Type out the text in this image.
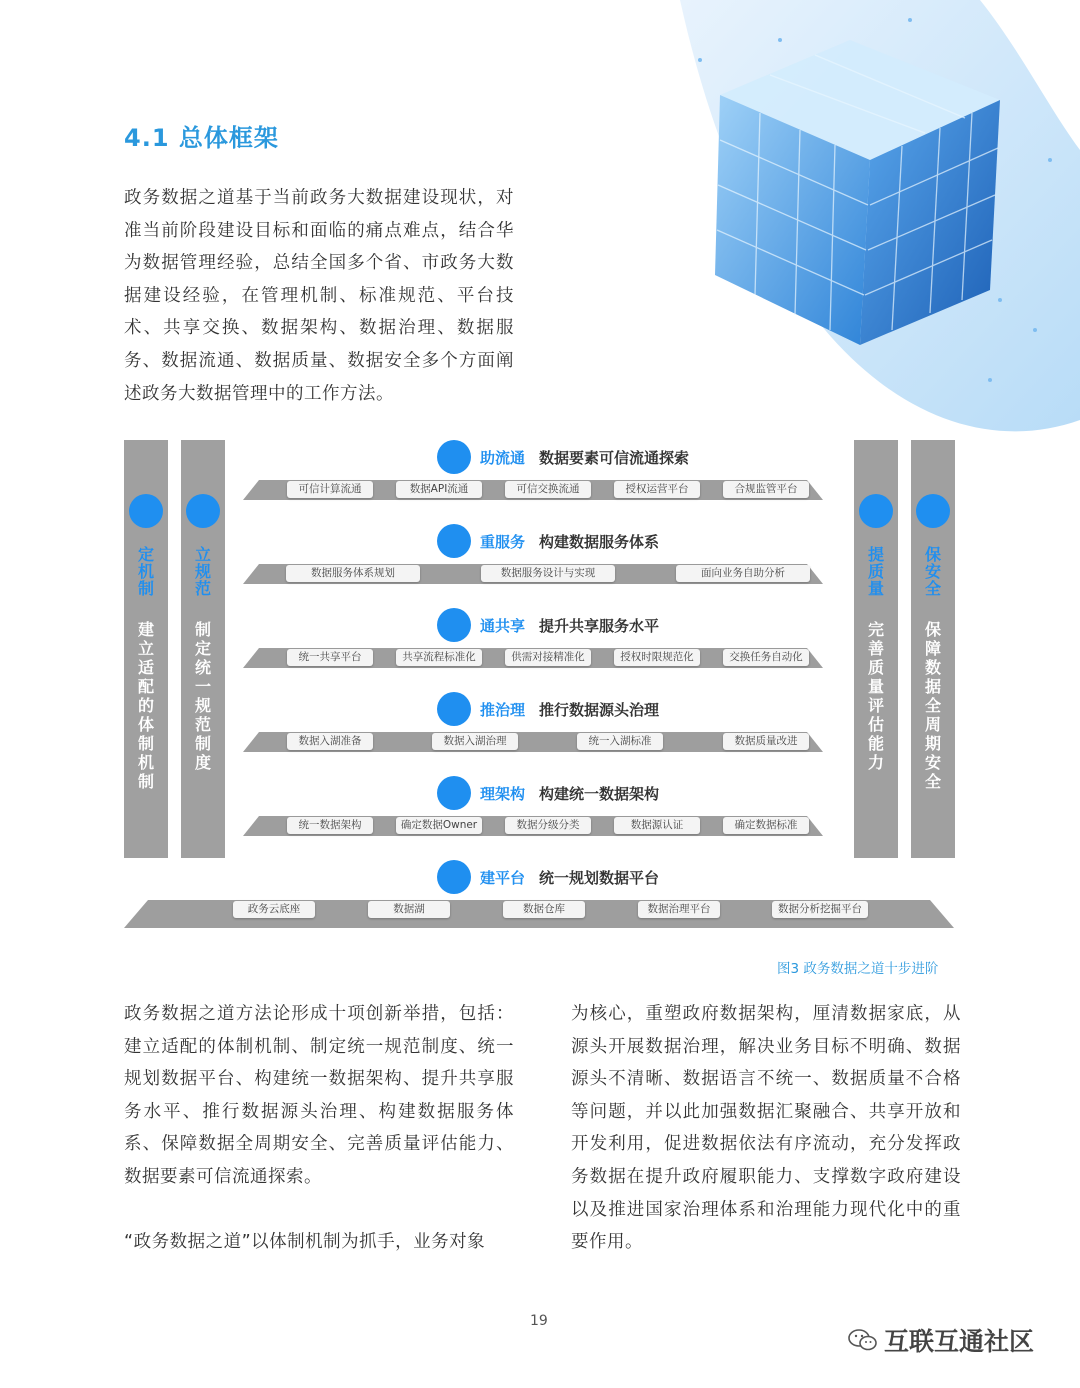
4.1 总体框架
政务数据之道基于当前政务大数据建设现状，对准当前阶段建设目标和面临的痛点难点，结合华为数据管理经验，总结全国多个省、市政务大数据建设经验，在管理机制、标准规范、平台技术、共享交换、数据架构、数据治理、数据服务、数据流通、数据质量、数据安全多个方面阐述政务大数据管理中的工作方法。
定
机
制
建
立
适
配
的
体
制
机
制
立
规
范
制
定
统
一
规
范
制
度
提
质
量
完
善
质
量
评
估
能
力
保
安
全
保
障
数
据
全
周
期
安
全
助流通 数据要素可信流通探索
可信计算流通	数据API流通	可信交换流通	授权运营平台	合规监管平台
重服务 构建数据服务体系
数据服务体系规划	数据服务设计与实现	面向业务自助分析
通共享 提升共享服务水平
统一共享平台	共享流程标准化	供需对接精准化	授权时限规范化	交换任务自动化
推治理 推行数据源头治理
数据入湖准备	数据入湖治理	统一入湖标准	数据质量改进
理架构 构建统一数据架构
统一数据架构	确定数据Owner	数据分级分类	数据源认证	确定数据标准
建平台 统一规划数据平台
政务云底座	数据湖	数据仓库	数据治理平台	数据分析挖掘平台
图3 政务数据之道十步进阶
政务数据之道方法论形成十项创新举措，包括：建立适配的体制机制、制定统一规范制度、统一规划数据平台、构建统一数据架构、提升共享服务水平、推行数据源头治理、构建数据服务体系、保障数据全周期安全、完善质量评估能力、数据要素可信流通探索。
“政务数据之道”以体制机制为抓手，业务对象
为核心，重塑政府数据架构，厘清数据家底，从源头开展数据治理，解决业务目标不明确、数据源头不清晰、数据语言不统一、数据质量不合格等问题，并以此加强数据汇聚融合、共享开放和开发利用，促进数据依法有序流动，充分发挥政务数据在提升政府履职能力、支撑数字政府建设以及推进国家治理体系和治理能力现代化中的重要作用。
19
互联互通社区
